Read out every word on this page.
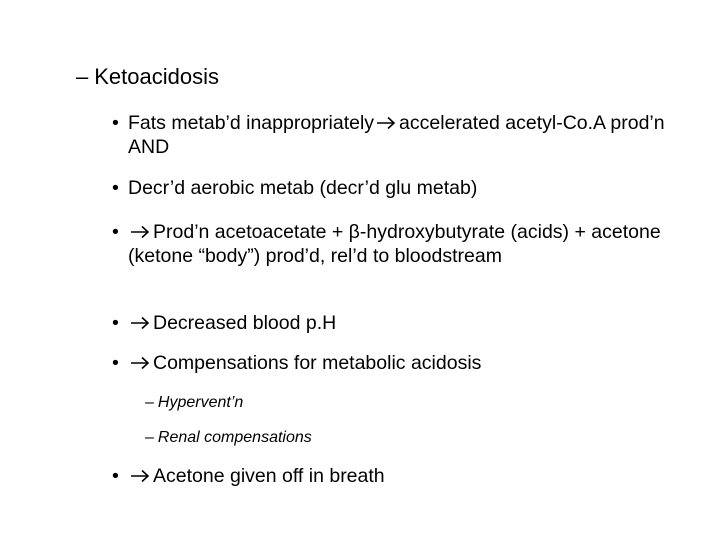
– Ketoacidosis
• Fats metab’d inappropriately accelerated acetyl-Co.A prod’n AND
• Decr’d aerobic metab (decr’d glu metab)
•	Prod’n acetoacetate + β-hydroxybutyrate (acids) + acetone (ketone “body”) prod’d, rel’d to bloodstream
•	Decreased blood p.H
•	Compensations for metabolic acidosis
– Hypervent’n
– Renal compensations
•	Acetone given off in breath
